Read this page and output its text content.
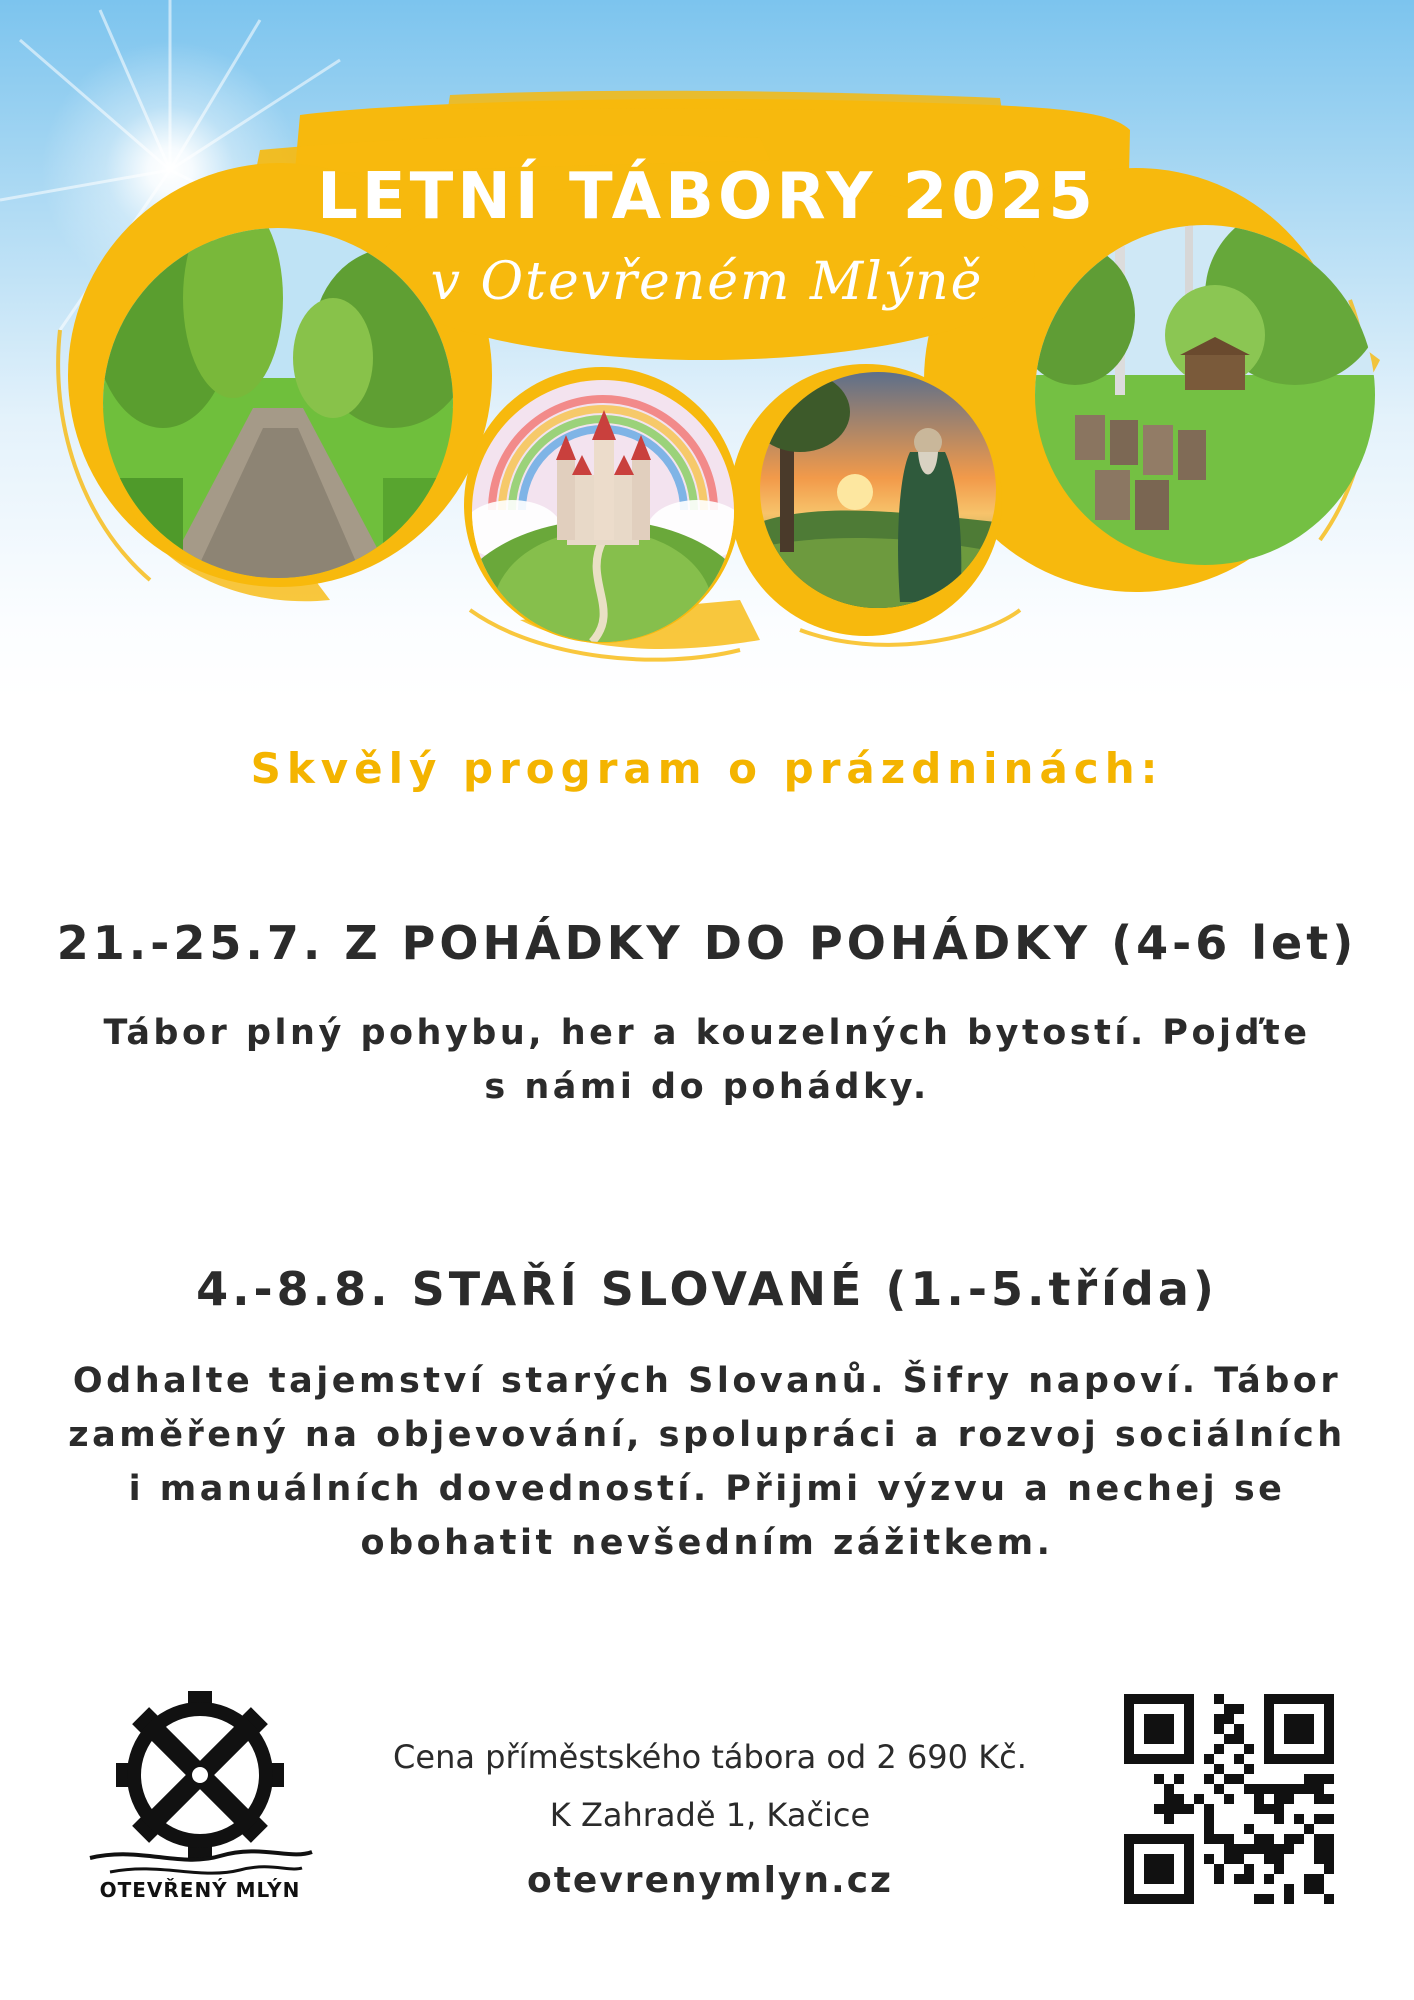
LETNÍ TÁBORY 2025
v Otevřeném Mlýně
Skvělý program o prázdninách:
21.-25.7. Z POHÁDKY DO POHÁDKY (4-6 let)
Tábor plný pohybu, her a kouzelných bytostí. Pojďte
s námi do pohádky.
4.-8.8. STAŘÍ SLOVANÉ (1.-5.třída)
Odhalte tajemství starých Slovanů. Šifry napoví. Tábor
zaměřený na objevování, spolupráci a rozvoj sociálních
i manuálních dovedností. Přijmi výzvu a nechej se
obohatit nevšedním zážitkem.
OTEVŘENÝ MLÝN
Cena příměstského tábora od 2 690 Kč.
K Zahradě 1, Kačice
otevrenymlyn.cz
